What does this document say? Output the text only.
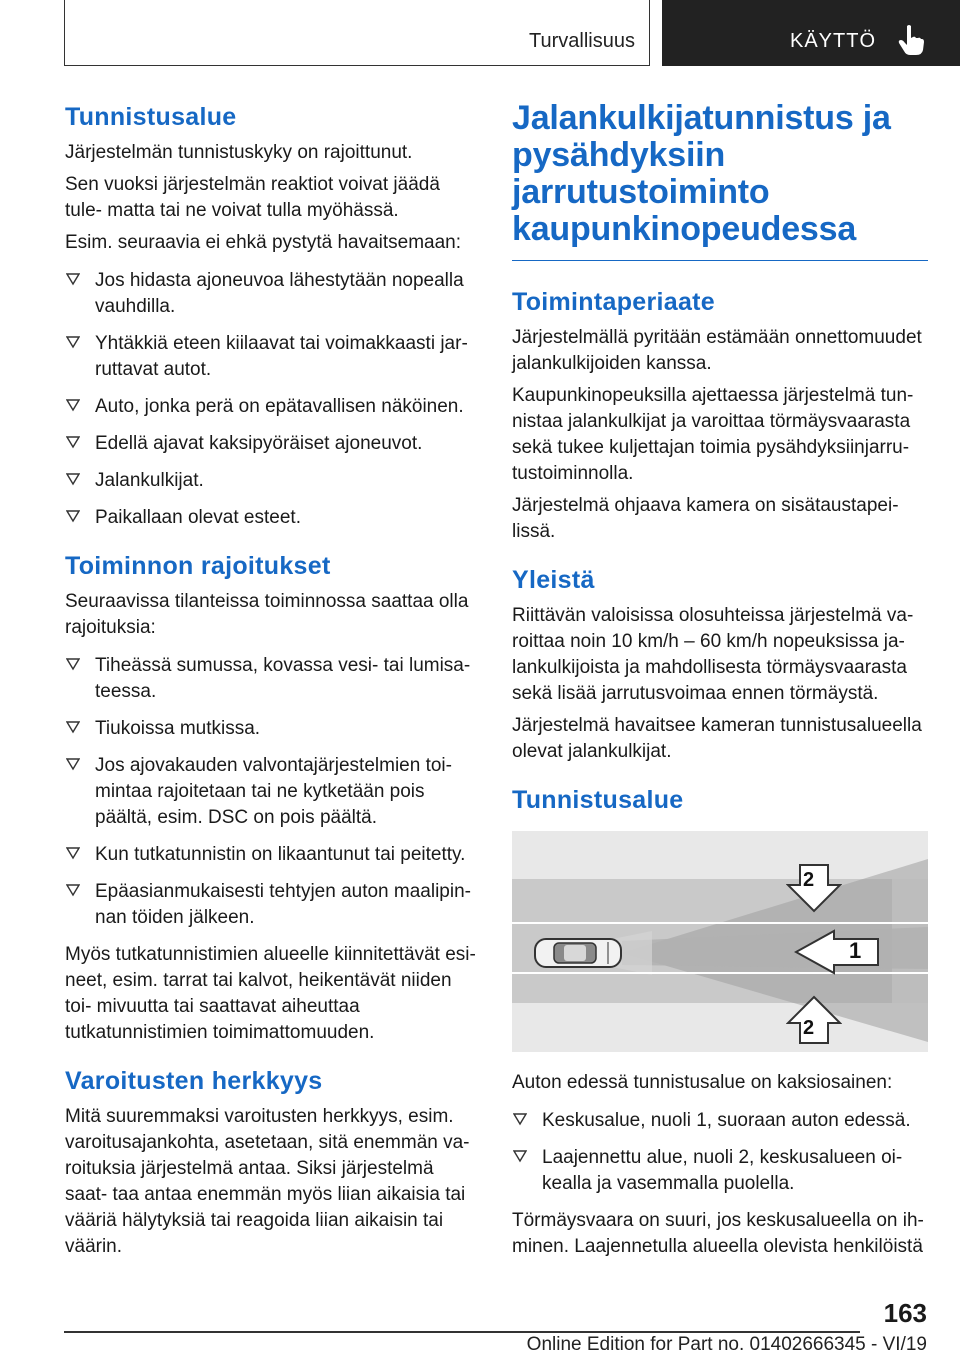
Turvallisuus	KÄYTTÖ
Tunnistusalue

Järjestelmän tunnistuskyky on rajoittunut.

Sen vuoksi järjestelmän reaktiot voivat jäädä tule- matta tai ne voivat tulla myöhässä.

Esim. seuraavia ei ehkä pystytä havaitsemaan:

Jos hidasta ajoneuvoa lähestytään nopealla vauhdilla.
Yhtäkkiä eteen kiilaavat tai voimakkaasti jar- ruttavat autot.
Auto, jonka perä on epätavallisen näköinen.
Edellä ajavat kaksipyöräiset ajoneuvot.
Jalankulkijat.
Paikallaan olevat esteet.
Toiminnon rajoitukset

Seuraavissa tilanteissa toiminnossa saattaa olla rajoituksia:

Tiheässä sumussa, kovassa vesi- tai lumisa- teessa.
Tiukoissa mutkissa.
Jos ajovakauden valvontajärjestelmien toi- mintaa rajoitetaan tai ne kytketään pois päältä, esim. DSC on pois päältä.
Kun tutkatunnistin on likaantunut tai peitetty.
Epäasianmukaisesti tehtyjen auton maalipin- nan töiden jälkeen.

Myös tutkatunnistimien alueelle kiinnitettävät esi- neet, esim. tarrat tai kalvot, heikentävät niiden toi- mivuutta tai saattavat aiheuttaa tutkatunnistimien toimimattomuuden.

Varoitusten herkkyys

Mitä suuremmaksi varoitusten herkkyys, esim. varoitusajankohta, asetetaan, sitä enemmän va- roituksia järjestelmä antaa. Siksi järjestelmä saat- taa antaa enemmän myös liian aikaisia tai vääriä hälytyksiä tai reagoida liian aikaisin tai väärin.

Jalankulkijatunnistus ja pysähdyksiin jarrutustoiminto kaupunkinopeudessa
Toimintaperiaate

Järjestelmällä pyritään estämään onnettomuudet jalankulkijoiden kanssa.

Kaupunkinopeuksilla ajettaessa järjestelmä tun- nistaa jalankulkijat ja varoittaa törmäysvaarasta sekä tukee kuljettajan toimia pysähdyksiinjarru- tustoiminnolla.

Järjestelmä ohjaava kamera on sisätaustapei- lissä.

Yleistä

Riittävän valoisissa olosuhteissa järjestelmä va- roittaa noin 10 km/h – 60 km/h nopeuksissa ja- lankulkijoista ja mahdollisesta törmäysvaarasta sekä lisää jarrutusvoimaa ennen törmäystä.

Järjestelmä havaitsee kameran tunnistusalueella olevat jalankulkijat.

Tunnistusalue
2
1
2

Auton edessä tunnistusalue on kaksiosainen:

Keskusalue, nuoli 1, suoraan auton edessä.
Laajennettu alue, nuoli 2, keskusalueen oi- kealla ja vasemmalla puolella.

Törmäysvaara on suuri, jos keskusalueella on ih- minen. Laajennetulla alueella olevista henkilöistä

163
Online Edition for Part no. 01402666345 - VI/19
